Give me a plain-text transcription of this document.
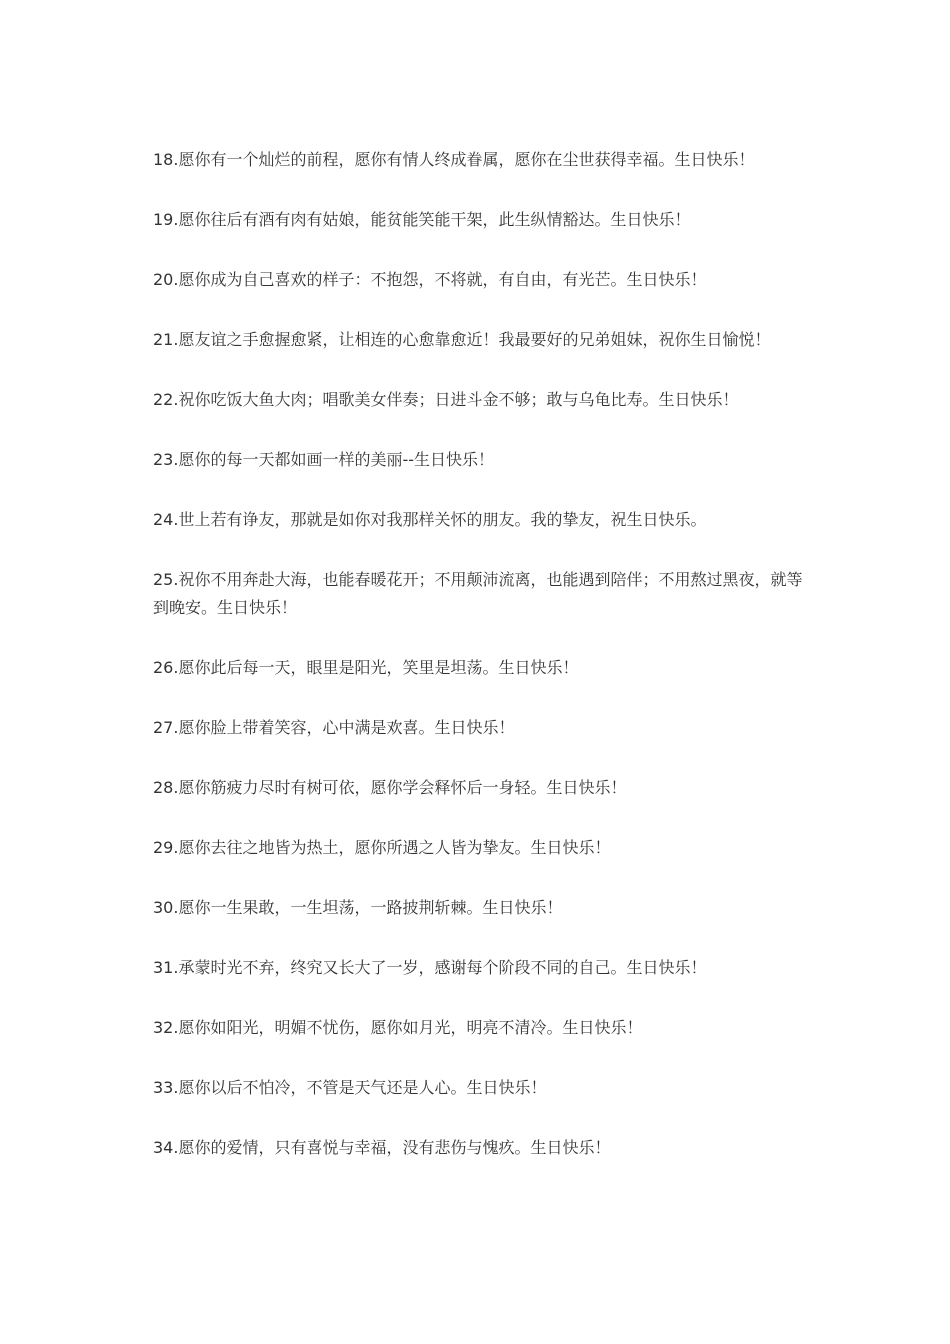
18.愿你有一个灿烂的前程，愿你有情人终成眷属，愿你在尘世获得幸福。生日快乐！

19.愿你往后有酒有肉有姑娘，能贫能笑能干架，此生纵情豁达。生日快乐！

20.愿你成为自己喜欢的样子：不抱怨，不将就，有自由，有光芒。生日快乐！

21.愿友谊之手愈握愈紧，让相连的心愈靠愈近！我最要好的兄弟姐妹，祝你生日愉悦！

22.祝你吃饭大鱼大肉；唱歌美女伴奏；日进斗金不够；敢与乌龟比寿。生日快乐！

23.愿你的每一天都如画一样的美丽--生日快乐！

24.世上若有诤友，那就是如你对我那样关怀的朋友。我的挚友，祝生日快乐。

25.祝你不用奔赴大海，也能春暖花开；不用颠沛流离，也能遇到陪伴；不用熬过黑夜，就等到晚安。生日快乐！

26.愿你此后每一天，眼里是阳光，笑里是坦荡。生日快乐！

27.愿你脸上带着笑容，心中满是欢喜。生日快乐！

28.愿你筋疲力尽时有树可依，愿你学会释怀后一身轻。生日快乐！

29.愿你去往之地皆为热土，愿你所遇之人皆为挚友。生日快乐！

30.愿你一生果敢，一生坦荡，一路披荆斩棘。生日快乐！

31.承蒙时光不弃，终究又长大了一岁，感谢每个阶段不同的自己。生日快乐！

32.愿你如阳光，明媚不忧伤，愿你如月光，明亮不清冷。生日快乐！

33.愿你以后不怕冷，不管是天气还是人心。生日快乐！

34.愿你的爱情，只有喜悦与幸福，没有悲伤与愧疚。生日快乐！
